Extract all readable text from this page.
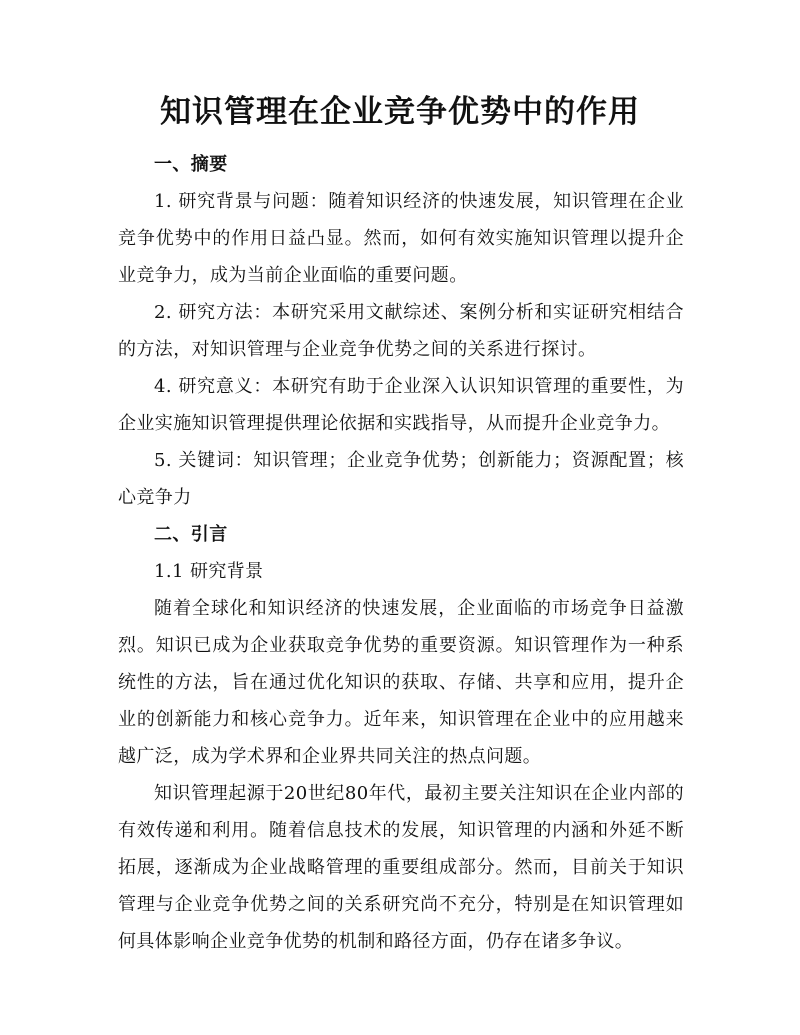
知识管理在企业竞争优势中的作用

一、摘要

1. 研究背景与问题：随着知识经济的快速发展，知识管理在企业竞争优势中的作用日益凸显。然而，如何有效实施知识管理以提升企业竞争力，成为当前企业面临的重要问题。

2. 研究方法：本研究采用文献综述、案例分析和实证研究相结合的方法，对知识管理与企业竞争优势之间的关系进行探讨。

4. 研究意义：本研究有助于企业深入认识知识管理的重要性，为企业实施知识管理提供理论依据和实践指导，从而提升企业竞争力。

5. 关键词：知识管理；企业竞争优势；创新能力；资源配置；核心竞争力

二、引言

1.1 研究背景

随着全球化和知识经济的快速发展，企业面临的市场竞争日益激烈。知识已成为企业获取竞争优势的重要资源。知识管理作为一种系统性的方法，旨在通过优化知识的获取、存储、共享和应用，提升企业的创新能力和核心竞争力。近年来，知识管理在企业中的应用越来越广泛，成为学术界和企业界共同关注的热点问题。

知识管理起源于20世纪80年代，最初主要关注知识在企业内部的有效传递和利用。随着信息技术的发展，知识管理的内涵和外延不断拓展，逐渐成为企业战略管理的重要组成部分。然而，目前关于知识管理与企业竞争优势之间的关系研究尚不充分，特别是在知识管理如何具体影响企业竞争优势的机制和路径方面，仍存在诸多争议。
